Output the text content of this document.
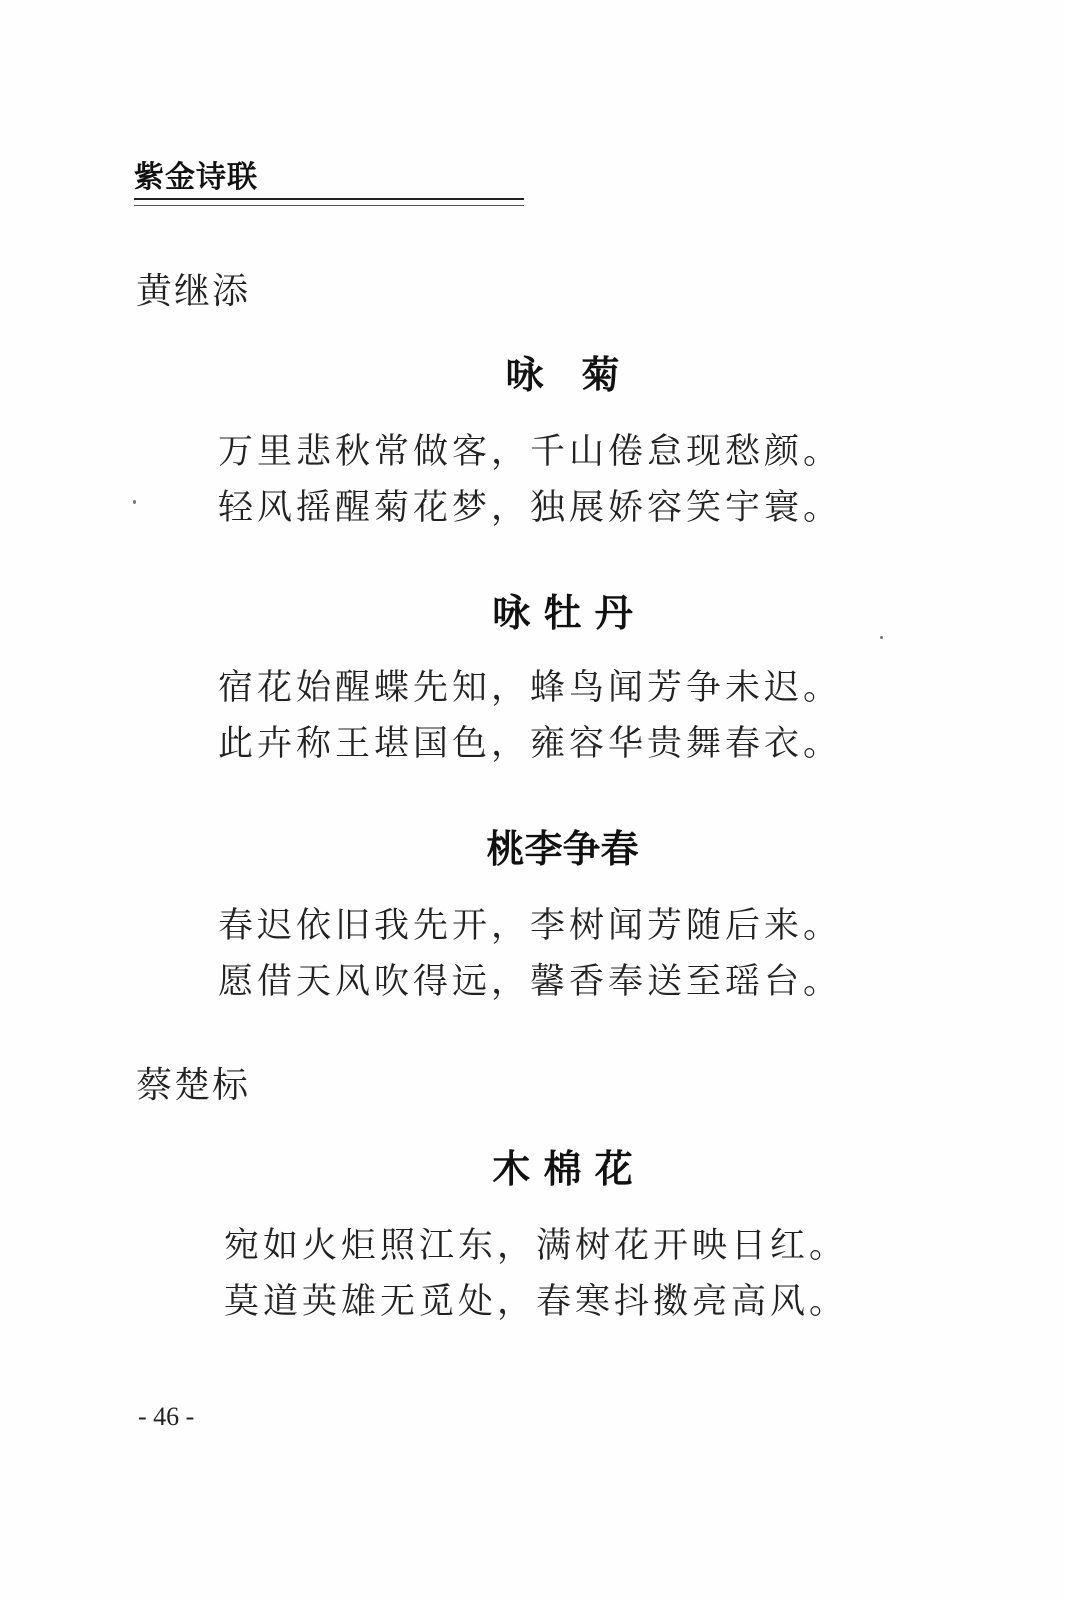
紫金诗联
黄继添
咏　菊
万里悲秋常做客，千山倦怠现愁颜。
轻风摇醒菊花梦，独展娇容笑宇寰。
咏 牡 丹
宿花始醒蝶先知，蜂鸟闻芳争未迟。
此卉称王堪国色，雍容华贵舞春衣。
桃李争春
春迟依旧我先开，李树闻芳随后来。
愿借天风吹得远，馨香奉送至瑶台。
蔡楚标
木 棉 花
宛如火炬照江东，满树花开映日红。
莫道英雄无觅处，春寒抖擞亮高风。
- 46 -
